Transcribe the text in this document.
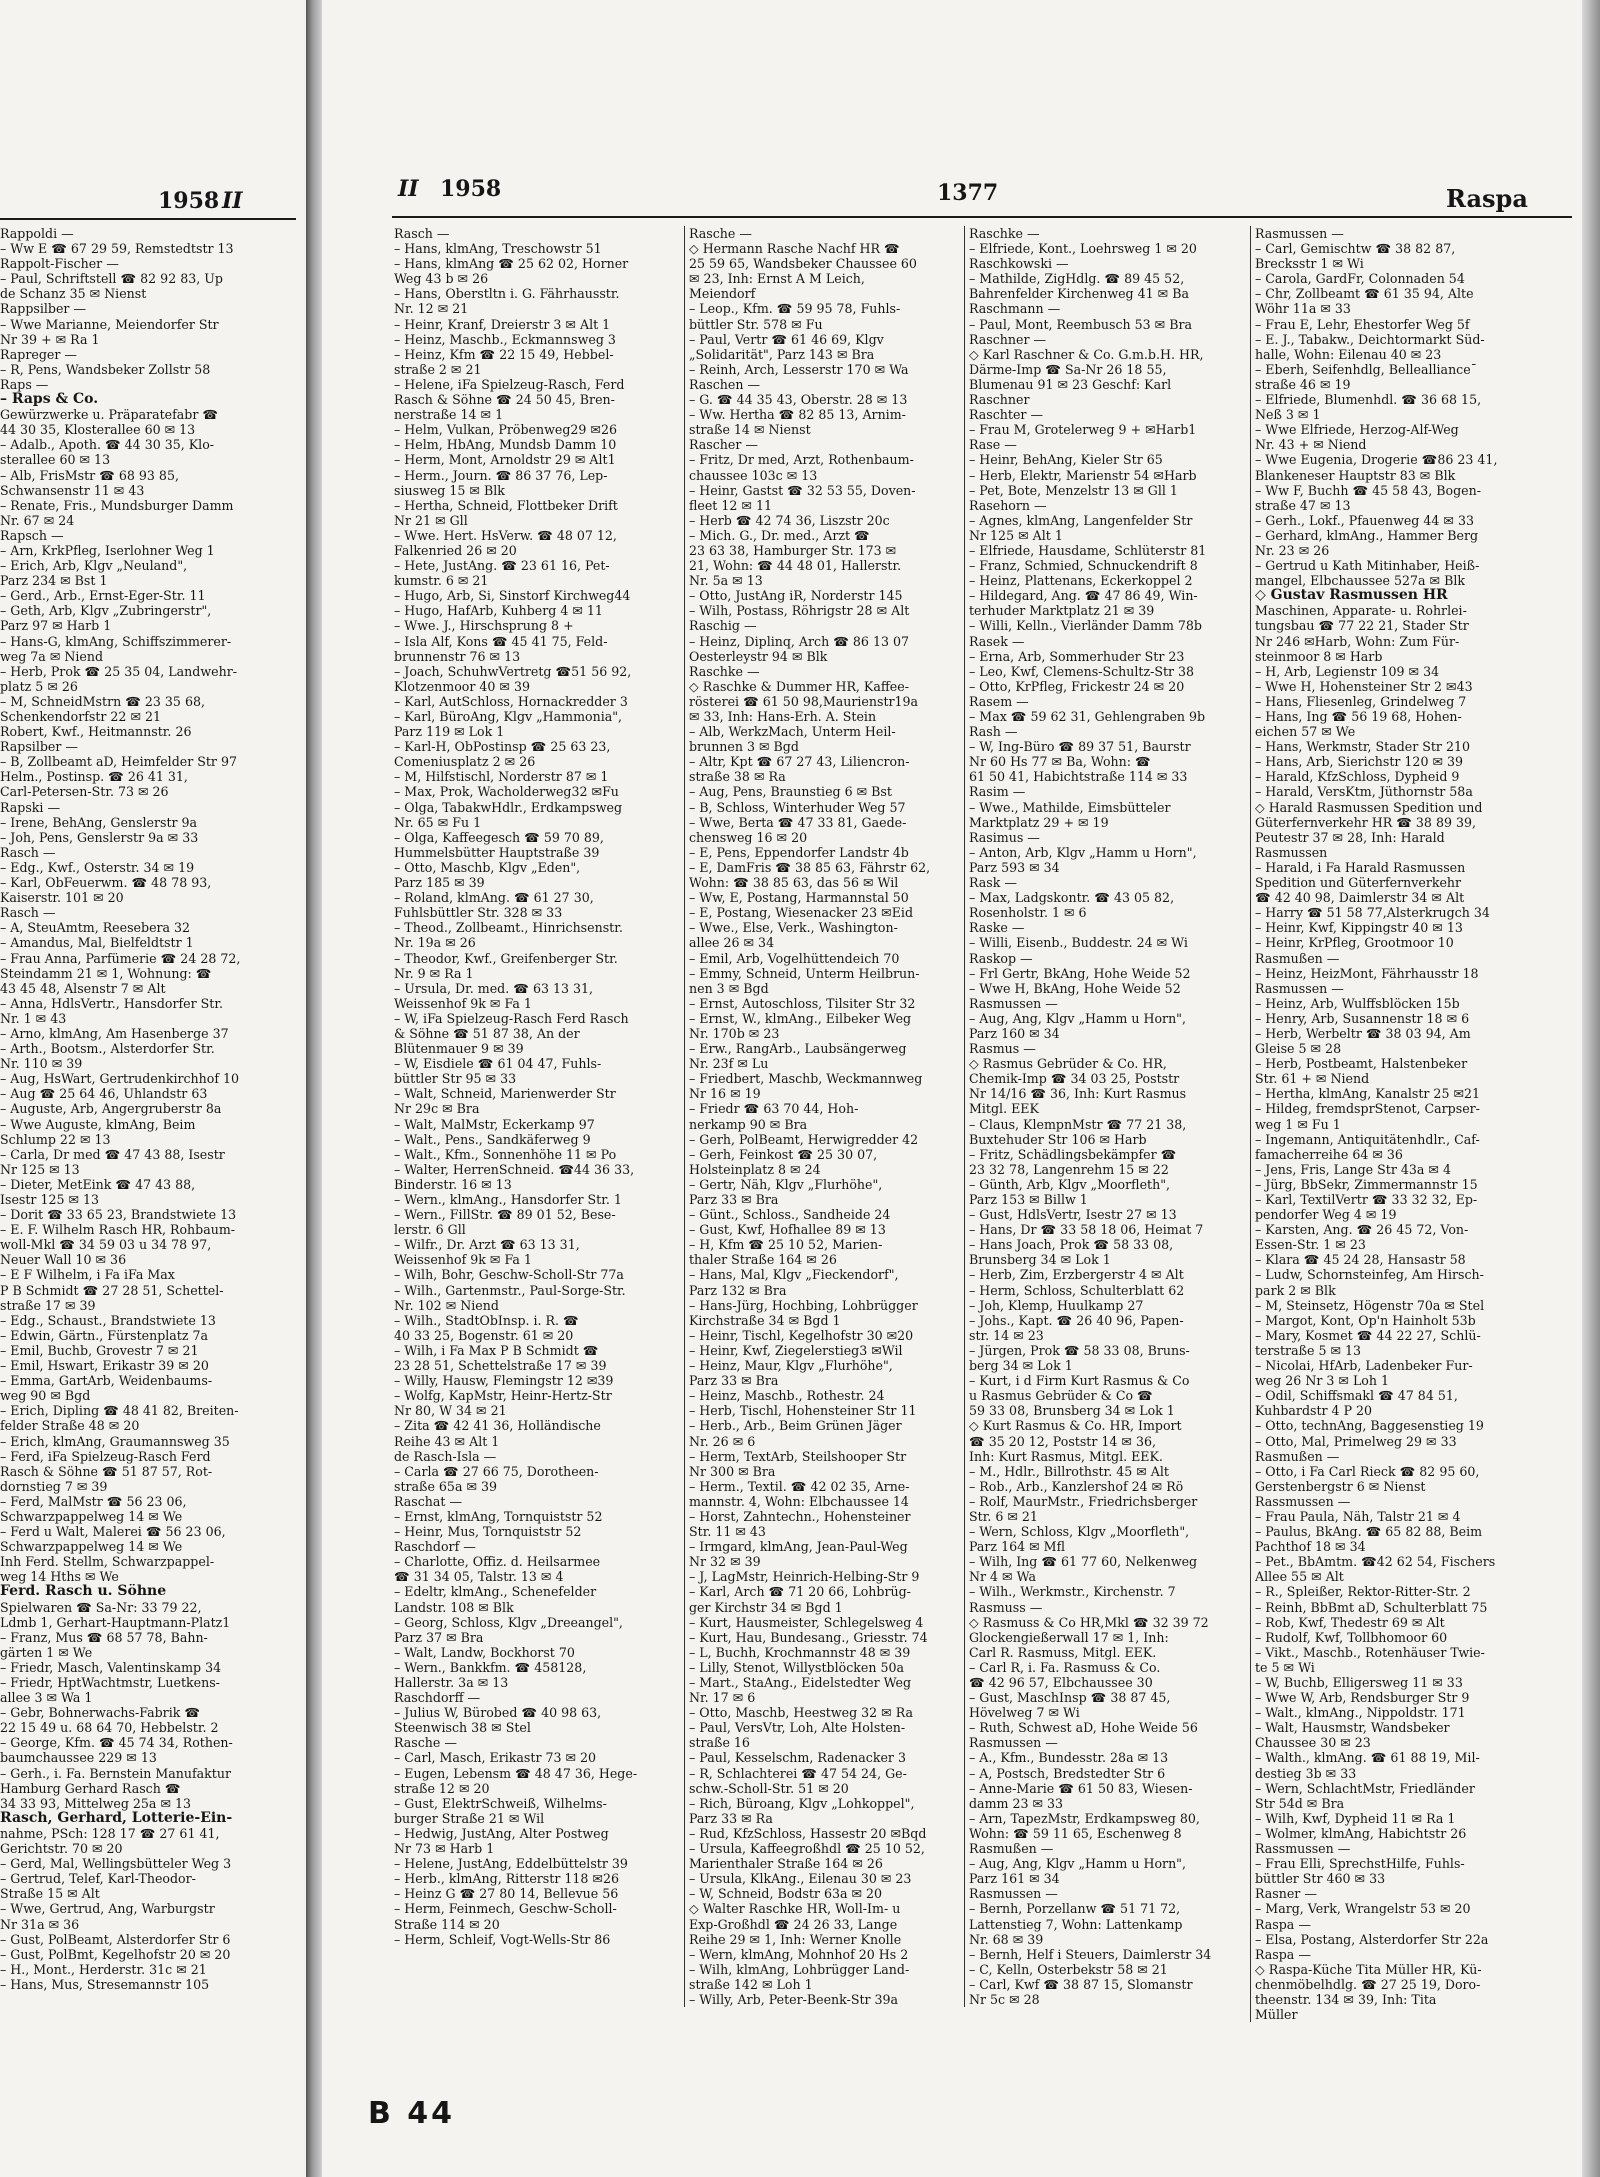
1958 II
Rappoldi —
– Ww E ☎ 67 29 59, Remstedtstr 13
Rappolt-Fischer —
– Paul, Schriftstell ☎ 82 92 83, Up
de Schanz 35 ✉ Nienst
Rappsilber —
– Wwe Marianne, Meiendorfer Str
Nr 39 + ✉ Ra 1
Rapreger —
– R, Pens, Wandsbeker Zollstr 58
Raps —
– Raps & Co.
Gewürzwerke u. Präparatefabr ☎
44 30 35, Klosterallee 60 ✉ 13
– Adalb., Apoth. ☎ 44 30 35, Klo-
sterallee 60 ✉ 13
– Alb, FrisMstr ☎ 68 93 85,
Schwansenstr 11 ✉ 43
– Renate, Fris., Mundsburger Damm
Nr. 67 ✉ 24
Rapsch —
– Arn, KrkPfleg, Iserlohner Weg 1
– Erich, Arb, Klgv „Neuland",
Parz 234 ✉ Bst 1
– Gerd., Arb., Ernst-Eger-Str. 11
– Geth, Arb, Klgv „Zubringerstr",
Parz 97 ✉ Harb 1
– Hans-G, klmAng, Schiffszimmerer-
weg 7a ✉ Niend
– Herb, Prok ☎ 25 35 04, Landwehr-
platz 5 ✉ 26
– M, SchneidMstrn ☎ 23 35 68,
Schenkendorfstr 22 ✉ 21
Robert, Kwf., Heitmannstr. 26
Rapsilber —
– B, Zollbeamt aD, Heimfelder Str 97
Helm., Postinsp. ☎ 26 41 31,
Carl-Petersen-Str. 73 ✉ 26
Rapski —
– Irene, BehAng, Genslerstr 9a
– Joh, Pens, Genslerstr 9a ✉ 33
Rasch —
– Edg., Kwf., Osterstr. 34 ✉ 19
– Karl, ObFeuerwm. ☎ 48 78 93,
Kaiserstr. 101 ✉ 20
Rasch —
– A, SteuAmtm, Reesebera 32
– Amandus, Mal, Bielfeldtstr 1
– Frau Anna, Parfümerie ☎ 24 28 72,
Steindamm 21 ✉ 1, Wohnung: ☎
43 45 48, Alsenstr 7 ✉ Alt
– Anna, HdlsVertr., Hansdorfer Str.
Nr. 1 ✉ 43
– Arno, klmAng, Am Hasenberge 37
– Arth., Bootsm., Alsterdorfer Str.
Nr. 110 ✉ 39
– Aug, HsWart, Gertrudenkirchhof 10
– Aug ☎ 25 64 46, Uhlandstr 63
– Auguste, Arb, Angergruberstr 8a
– Wwe Auguste, klmAng, Beim
Schlump 22 ✉ 13
– Carla, Dr med ☎ 47 43 88, Isestr
Nr 125 ✉ 13
– Dieter, MetEink ☎ 47 43 88,
Isestr 125 ✉ 13
– Dorit ☎ 33 65 23, Brandstwiete 13
– E. F. Wilhelm Rasch HR, Rohbaum-
woll-Mkl ☎ 34 59 03 u 34 78 97,
Neuer Wall 10 ✉ 36
– E F Wilhelm, i Fa iFa Max
P B Schmidt ☎ 27 28 51, Schettel-
straße 17 ✉ 39
– Edg., Schaust., Brandstwiete 13
– Edwin, Gärtn., Fürstenplatz 7a
– Emil, Buchb, Grovestr 7 ✉ 21
– Emil, Hswart, Erikastr 39 ✉ 20
– Emma, GartArb, Weidenbaums-
weg 90 ✉ Bgd
– Erich, Dipling ☎ 48 41 82, Breiten-
felder Straße 48 ✉ 20
– Erich, klmAng, Graumannsweg 35
– Ferd, iFa Spielzeug-Rasch Ferd
Rasch & Söhne ☎ 51 87 57, Rot-
dornstieg 7 ✉ 39
– Ferd, MalMstr ☎ 56 23 06,
Schwarzpappelweg 14 ✉ We
– Ferd u Walt, Malerei ☎ 56 23 06,
Schwarzpappelweg 14 ✉ We
Inh Ferd. Stellm, Schwarzpappel-
weg 14 Hths ✉ We
Ferd. Rasch u. Söhne
Spielwaren ☎ Sa-Nr: 33 79 22,
Ldmb 1, Gerhart-Hauptmann-Platz1
– Franz, Mus ☎ 68 57 78, Bahn-
gärten 1 ✉ We
– Friedr, Masch, Valentinskamp 34
– Friedr, HptWachtmstr, Luetkens-
allee 3 ✉ Wa 1
– Gebr, Bohnerwachs-Fabrik ☎
22 15 49 u. 68 64 70, Hebbelstr. 2
– George, Kfm. ☎ 45 74 34, Rothen-
baumchaussee 229 ✉ 13
– Gerh., i. Fa. Bernstein Manufaktur
Hamburg Gerhard Rasch ☎
34 33 93, Mittelweg 25a ✉ 13
Rasch, Gerhard, Lotterie-Ein-
nahme, PSch: 128 17 ☎ 27 61 41,
Gerichtstr. 70 ✉ 20
– Gerd, Mal, Wellingsbütteler Weg 3
– Gertrud, Telef, Karl-Theodor-
Straße 15 ✉ Alt
– Wwe, Gertrud, Ang, Warburgstr
Nr 31a ✉ 36
– Gust, PolBeamt, Alsterdorfer Str 6
– Gust, PolBmt, Kegelhofstr 20 ✉ 20
– H., Mont., Herderstr. 31c ✉ 21
– Hans, Mus, Stresemannstr 105
II 1958	1377	Raspa
Rasch —
– Hans, klmAng, Treschowstr 51
– Hans, klmAng ☎ 25 62 02, Horner
Weg 43 b ✉ 26
– Hans, Oberstltn i. G. Fährhausstr.
Nr. 12 ✉ 21
– Heinr, Kranf, Dreierstr 3 ✉ Alt 1
– Heinz, Maschb., Eckmannsweg 3
– Heinz, Kfm ☎ 22 15 49, Hebbel-
straße 2 ✉ 21
– Helene, iFa Spielzeug-Rasch, Ferd
Rasch & Söhne ☎ 24 50 45, Bren-
nerstraße 14 ✉ 1
– Helm, Vulkan, Pröbenweg29 ✉26
– Helm, HbAng, Mundsb Damm 10
– Herm, Mont, Arnoldstr 29 ✉ Alt1
– Herm., Journ. ☎ 86 37 76, Lep-
siusweg 15 ✉ Blk
– Hertha, Schneid, Flottbeker Drift
Nr 21 ✉ Gll
– Wwe. Hert. HsVerw. ☎ 48 07 12,
Falkenried 26 ✉ 20
– Hete, JustAng. ☎ 23 61 16, Pet-
kumstr. 6 ✉ 21
– Hugo, Arb, Si, Sinstorf Kirchweg44
– Hugo, HafArb, Kuhberg 4 ✉ 11
– Wwe. J., Hirschsprung 8 +
– Isla Alf, Kons ☎ 45 41 75, Feld-
brunnenstr 76 ✉ 13
– Joach, SchuhwVertretg ☎51 56 92,
Klotzenmoor 40 ✉ 39
– Karl, AutSchloss, Hornackredder 3
– Karl, BüroAng, Klgv „Hammonia",
Parz 119 ✉ Lok 1
– Karl-H, ObPostinsp ☎ 25 63 23,
Comeniusplatz 2 ✉ 26
– M, Hilfstischl, Norderstr 87 ✉ 1
– Max, Prok, Wacholderweg32 ✉Fu
– Olga, TabakwHdlr., Erdkampsweg
Nr. 65 ✉ Fu 1
– Olga, Kaffeegesch ☎ 59 70 89,
Hummelsbütter Hauptstraße 39
– Otto, Maschb, Klgv „Eden",
Parz 185 ✉ 39
– Roland, klmAng. ☎ 61 27 30,
Fuhlsbüttler Str. 328 ✉ 33
– Theod., Zollbeamt., Hinrichsenstr.
Nr. 19a ✉ 26
– Theodor, Kwf., Greifenberger Str.
Nr. 9 ✉ Ra 1
– Ursula, Dr. med. ☎ 63 13 31,
Weissenhof 9k ✉ Fa 1
– W, iFa Spielzeug-Rasch Ferd Rasch
& Söhne ☎ 51 87 38, An der
Blütenmauer 9 ✉ 39
– W, Eisdiele ☎ 61 04 47, Fuhls-
büttler Str 95 ✉ 33
– Walt, Schneid, Marienwerder Str
Nr 29c ✉ Bra
– Walt, MalMstr, Eckerkamp 97
– Walt., Pens., Sandkäferweg 9
– Walt., Kfm., Sonnenhöhe 11 ✉ Po
– Walter, HerrenSchneid. ☎44 36 33,
Binderstr. 16 ✉ 13
– Wern., klmAng., Hansdorfer Str. 1
– Wern., FillStr. ☎ 89 01 52, Bese-
lerstr. 6 Gll
– Wilfr., Dr. Arzt ☎ 63 13 31,
Weissenhof 9k ✉ Fa 1
– Wilh, Bohr, Geschw-Scholl-Str 77a
– Wilh., Gartenmstr., Paul-Sorge-Str.
Nr. 102 ✉ Niend
– Wilh., StadtObInsp. i. R. ☎
40 33 25, Bogenstr. 61 ✉ 20
– Wilh, i Fa Max P B Schmidt ☎
23 28 51, Schettelstraße 17 ✉ 39
– Willy, Hausw, Flemingstr 12 ✉39
– Wolfg, KapMstr, Heinr-Hertz-Str
Nr 80, W 34 ✉ 21
– Zita ☎ 42 41 36, Holländische
Reihe 43 ✉ Alt 1
de Rasch-Isla —
– Carla ☎ 27 66 75, Dorotheen-
straße 65a ✉ 39
Raschat —
– Ernst, klmAng, Tornquiststr 52
– Heinr, Mus, Tornquiststr 52
Raschdorf —
– Charlotte, Offiz. d. Heilsarmee
☎ 31 34 05, Talstr. 13 ✉ 4
– Edeltr, klmAng., Schenefelder
Landstr. 108 ✉ Blk
– Georg, Schloss, Klgv „Dreeangel",
Parz 37 ✉ Bra
– Walt, Landw, Bockhorst 70
– Wern., Bankkfm. ☎ 458128,
Hallerstr. 3a ✉ 13
Raschdorff —
– Julius W, Bürobed ☎ 40 98 63,
Steenwisch 38 ✉ Stel
Rasche —
– Carl, Masch, Erikastr 73 ✉ 20
– Eugen, Lebensm ☎ 48 47 36, Hege-
straße 12 ✉ 20
– Gust, ElektrSchweiß, Wilhelms-
burger Straße 21 ✉ Wil
– Hedwig, JustAng, Alter Postweg
Nr 73 ✉ Harb 1
– Helene, JustAng, Eddelbüttelstr 39
– Herb., klmAng, Ritterstr 118 ✉26
– Heinz G ☎ 27 80 14, Bellevue 56
– Herm, Feinmech, Geschw-Scholl-
Straße 114 ✉ 20
– Herm, Schleif, Vogt-Wells-Str 86
Rasche —
◇ Hermann Rasche Nachf HR ☎
25 59 65, Wandsbeker Chaussee 60
✉ 23, Inh: Ernst A M Leich,
Meiendorf
– Leop., Kfm. ☎ 59 95 78, Fuhls-
büttler Str. 578 ✉ Fu
– Paul, Vertr ☎ 61 46 69, Klgv
„Solidarität", Parz 143 ✉ Bra
– Reinh, Arch, Lesserstr 170 ✉ Wa
Raschen —
– G. ☎ 44 35 43, Oberstr. 28 ✉ 13
– Ww. Hertha ☎ 82 85 13, Arnim-
straße 14 ✉ Nienst
Rascher —
– Fritz, Dr med, Arzt, Rothenbaum-
chaussee 103c ✉ 13
– Heinr, Gastst ☎ 32 53 55, Doven-
fleet 12 ✉ 11
– Herb ☎ 42 74 36, Liszstr 20c
– Mich. G., Dr. med., Arzt ☎
23 63 38, Hamburger Str. 173 ✉
21, Wohn: ☎ 44 48 01, Hallerstr.
Nr. 5a ✉ 13
– Otto, JustAng iR, Norderstr 145
– Wilh, Postass, Röhrigstr 28 ✉ Alt
Raschig —
– Heinz, Diplinq, Arch ☎ 86 13 07
Oesterleystr 94 ✉ Blk
Raschke —
◇ Raschke & Dummer HR, Kaffee-
rösterei ☎ 61 50 98,Maurienstr19a
✉ 33, Inh: Hans-Erh. A. Stein
– Alb, WerkzMach, Unterm Heil-
brunnen 3 ✉ Bgd
– Altr, Kpt ☎ 67 27 43, Liliencron-
straße 38 ✉ Ra
– Aug, Pens, Braunstieg 6 ✉ Bst
– B, Schloss, Winterhuder Weg 57
– Wwe, Berta ☎ 47 33 81, Gaede-
chensweg 16 ✉ 20
– E, Pens, Eppendorfer Landstr 4b
– E, DamFris ☎ 38 85 63, Fährstr 62,
Wohn: ☎ 38 85 63, das 56 ✉ Wil
– Ww, E, Postang, Harmannstal 50
– E, Postang, Wiesenacker 23 ✉Eid
– Wwe., Else, Verk., Washington-
allee 26 ✉ 34
– Emil, Arb, Vogelhüttendeich 70
– Emmy, Schneid, Unterm Heilbrun-
nen 3 ✉ Bgd
– Ernst, Autoschloss, Tilsiter Str 32
– Ernst, W., klmAng., Eilbeker Weg
Nr. 170b ✉ 23
– Erw., RangArb., Laubsängerweg
Nr. 23f ✉ Lu
– Friedbert, Maschb, Weckmannweg
Nr 16 ✉ 19
– Friedr ☎ 63 70 44, Hoh-
nerkamp 90 ✉ Bra
– Gerh, PolBeamt, Herwigredder 42
– Gerh, Feinkost ☎ 25 30 07,
Holsteinplatz 8 ✉ 24
– Gertr, Näh, Klgv „Flurhöhe",
Parz 33 ✉ Bra
– Günt., Schloss., Sandheide 24
– Gust, Kwf, Hofhallee 89 ✉ 13
– H, Kfm ☎ 25 10 52, Marien-
thaler Straße 164 ✉ 26
– Hans, Mal, Klgv „Fieckendorf",
Parz 132 ✉ Bra
– Hans-Jürg, Hochbing, Lohbrügger
Kirchstraße 34 ✉ Bgd 1
– Heinr, Tischl, Kegelhofstr 30 ✉20
– Heinr, Kwf, Ziegelerstieg3 ✉Wil
– Heinz, Maur, Klgv „Flurhöhe",
Parz 33 ✉ Bra
– Heinz, Maschb., Rothestr. 24
– Herb, Tischl, Hohensteiner Str 11
– Herb., Arb., Beim Grünen Jäger
Nr. 26 ✉ 6
– Herm, TextArb, Steilshooper Str
Nr 300 ✉ Bra
– Herm., Textil. ☎ 42 02 35, Arne-
mannstr. 4, Wohn: Elbchaussee 14
– Horst, Zahntechn., Hohensteiner
Str. 11 ✉ 43
– Irmgard, klmAng, Jean-Paul-Weg
Nr 32 ✉ 39
– J, LagMstr, Heinrich-Helbing-Str 9
– Karl, Arch ☎ 71 20 66, Lohbrüg-
ger Kirchstr 34 ✉ Bgd 1
– Kurt, Hausmeister, Schlegelsweg 4
– Kurt, Hau, Bundesang., Griesstr. 74
– L, Buchh, Krochmannstr 48 ✉ 39
– Lilly, Stenot, Willystblöcken 50a
– Mart., StaAng., Eidelstedter Weg
Nr. 17 ✉ 6
– Otto, Maschb, Heestweg 32 ✉ Ra
– Paul, VersVtr, Loh, Alte Holsten-
straße 16
– Paul, Kesselschm, Radenacker 3
– R, Schlachterei ☎ 47 54 24, Ge-
schw.-Scholl-Str. 51 ✉ 20
– Rich, Büroang, Klgv „Lohkoppel",
Parz 33 ✉ Ra
– Rud, KfzSchloss, Hassestr 20 ✉Bqd
– Ursula, Kaffeegroßhdl ☎ 25 10 52,
Marienthaler Straße 164 ✉ 26
– Ursula, KlkAng., Eilenau 30 ✉ 23
– W, Schneid, Bodstr 63a ✉ 20
◇ Walter Raschke HR, Woll-Im- u
Exp-Großhdl ☎ 24 26 33, Lange
Reihe 29 ✉ 1, Inh: Werner Knolle
– Wern, klmAng, Mohnhof 20 Hs 2
– Wilh, klmAng, Lohbrügger Land-
straße 142 ✉ Loh 1
– Willy, Arb, Peter-Beenk-Str 39a
Raschke —
– Elfriede, Kont., Loehrsweg 1 ✉ 20
Raschkowski —
– Mathilde, ZigHdlg. ☎ 89 45 52,
Bahrenfelder Kirchenweg 41 ✉ Ba
Raschmann —
– Paul, Mont, Reembusch 53 ✉ Bra
Raschner —
◇ Karl Raschner & Co. G.m.b.H. HR,
Därme-Imp ☎ Sa-Nr 26 18 55,
Blumenau 91 ✉ 23 Geschf: Karl
Raschner
Raschter —
– Frau M, Grotelerweg 9 + ✉Harb1
Rase —
– Heinr, BehAng, Kieler Str 65
– Herb, Elektr, Marienstr 54 ✉Harb
– Pet, Bote, Menzelstr 13 ✉ Gll 1
Rasehorn —
– Agnes, klmAng, Langenfelder Str
Nr 125 ✉ Alt 1
– Elfriede, Hausdame, Schlüterstr 81
– Franz, Schmied, Schnuckendrift 8
– Heinz, Plattenans, Eckerkoppel 2
– Hildegard, Ang. ☎ 47 86 49, Win-
terhuder Marktplatz 21 ✉ 39
– Willi, Kelln., Vierländer Damm 78b
Rasek —
– Erna, Arb, Sommerhuder Str 23
– Leo, Kwf, Clemens-Schultz-Str 38
– Otto, KrPfleg, Frickestr 24 ✉ 20
Rasem —
– Max ☎ 59 62 31, Gehlengraben 9b
Rash —
– W, Ing-Büro ☎ 89 37 51, Baurstr
Nr 60 Hs 77 ✉ Ba, Wohn: ☎
61 50 41, Habichtstraße 114 ✉ 33
Rasim —
– Wwe., Mathilde, Eimsbütteler
Marktplatz 29 + ✉ 19
Rasimus —
– Anton, Arb, Klgv „Hamm u Horn",
Parz 593 ✉ 34
Rask —
– Max, Ladgskontr. ☎ 43 05 82,
Rosenholstr. 1 ✉ 6
Raske —
– Willi, Eisenb., Buddestr. 24 ✉ Wi
Raskop —
– Frl Gertr, BkAng, Hohe Weide 52
– Wwe H, BkAng, Hohe Weide 52
Rasmussen —
– Aug, Ang, Klgv „Hamm u Horn",
Parz 160 ✉ 34
Rasmus —
◇ Rasmus Gebrüder & Co. HR,
Chemik-Imp ☎ 34 03 25, Poststr
Nr 14/16 ☎ 36, Inh: Kurt Rasmus
Mitgl. EEK
– Claus, KlempnMstr ☎ 77 21 38,
Buxtehuder Str 106 ✉ Harb
– Fritz, Schädlingsbekämpfer ☎
23 32 78, Langenrehm 15 ✉ 22
– Günth, Arb, Klgv „Moorfleth",
Parz 153 ✉ Billw 1
– Gust, HdlsVertr, Isestr 27 ✉ 13
– Hans, Dr ☎ 33 58 18 06, Heimat 7
– Hans Joach, Prok ☎ 58 33 08,
Brunsberg 34 ✉ Lok 1
– Herb, Zim, Erzbergerstr 4 ✉ Alt
– Herm, Schloss, Schulterblatt 62
– Joh, Klemp, Huulkamp 27
– Johs., Kapt. ☎ 26 40 96, Papen-
str. 14 ✉ 23
– Jürgen, Prok ☎ 58 33 08, Bruns-
berg 34 ✉ Lok 1
– Kurt, i d Firm Kurt Rasmus & Co
u Rasmus Gebrüder & Co ☎
59 33 08, Brunsberg 34 ✉ Lok 1
◇ Kurt Rasmus & Co. HR, Import
☎ 35 20 12, Poststr 14 ✉ 36,
Inh: Kurt Rasmus, Mitgl. EEK.
– M., Hdlr., Billrothstr. 45 ✉ Alt
– Rob., Arb., Kanzlershof 24 ✉ Rö
– Rolf, MaurMstr., Friedrichsberger
Str. 6 ✉ 21
– Wern, Schloss, Klgv „Moorfleth",
Parz 164 ✉ Mfl
– Wilh, Ing ☎ 61 77 60, Nelkenweg
Nr 4 ✉ Wa
– Wilh., Werkmstr., Kirchenstr. 7
Rasmuss —
◇ Rasmuss & Co HR,Mkl ☎ 32 39 72
Glockengießerwall 17 ✉ 1, Inh:
Carl R. Rasmuss, Mitgl. EEK.
– Carl R, i. Fa. Rasmuss & Co.
☎ 42 96 57, Elbchaussee 30
– Gust, MaschInsp ☎ 38 87 45,
Hövelweg 7 ✉ Wi
– Ruth, Schwest aD, Hohe Weide 56
Rasmussen —
– A., Kfm., Bundesstr. 28a ✉ 13
– A, Postsch, Bredstedter Str 6
– Anne-Marie ☎ 61 50 83, Wiesen-
damm 23 ✉ 33
– Arn, TapezMstr, Erdkampsweg 80,
Wohn: ☎ 59 11 65, Eschenweg 8
Rasmußen —
– Aug, Ang, Klgv „Hamm u Horn",
Parz 161 ✉ 34
Rasmussen —
– Bernh, Porzellanw ☎ 51 71 72,
Lattenstieg 7, Wohn: Lattenkamp
Nr. 68 ✉ 39
– Bernh, Helf i Steuers, Daimlerstr 34
– C, Kelln, Osterbekstr 58 ✉ 21
– Carl, Kwf ☎ 38 87 15, Slomanstr
Nr 5c ✉ 28
Rasmussen —
– Carl, Gemischtw ☎ 38 82 87,
Brecksstr 1 ✉ Wi
– Carola, GardFr, Colonnaden 54
– Chr, Zollbeamt ☎ 61 35 94, Alte
Wöhr 11a ✉ 33
– Frau E, Lehr, Ehestorfer Weg 5f
– E. J., Tabakw., Deichtormarkt Süd-
halle, Wohn: Eilenau 40 ✉ 23
– Eberh, Seifenhdlg, Belleallianceˉ
straße 46 ✉ 19
– Elfriede, Blumenhdl. ☎ 36 68 15,
Neß 3 ✉ 1
– Wwe Elfriede, Herzog-Alf-Weg
Nr. 43 + ✉ Niend
– Wwe Eugenia, Drogerie ☎86 23 41,
Blankeneser Hauptstr 83 ✉ Blk
– Ww F, Buchh ☎ 45 58 43, Bogen-
straße 47 ✉ 13
– Gerh., Lokf., Pfauenweg 44 ✉ 33
– Gerhard, klmAng., Hammer Berg
Nr. 23 ✉ 26
– Gertrud u Kath Mitinhaber, Heiß-
mangel, Elbchaussee 527a ✉ Blk
◇ Gustav Rasmussen HR
Maschinen, Apparate- u. Rohrlei-
tungsbau ☎ 77 22 21, Stader Str
Nr 246 ✉Harb, Wohn: Zum Für-
steinmoor 8 ✉ Harb
– H, Arb, Legienstr 109 ✉ 34
– Wwe H, Hohensteiner Str 2 ✉43
– Hans, Fliesenleg, Grindelweg 7
– Hans, Ing ☎ 56 19 68, Hohen-
eichen 57 ✉ We
– Hans, Werkmstr, Stader Str 210
– Hans, Arb, Sierichstr 120 ✉ 39
– Harald, KfzSchloss, Dypheid 9
– Harald, VersKtm, Jüthornstr 58a
◇ Harald Rasmussen Spedition und
Güterfernverkehr HR ☎ 38 89 39,
Peutestr 37 ✉ 28, Inh: Harald
Rasmussen
– Harald, i Fa Harald Rasmussen
Spedition und Güterfernverkehr
☎ 42 40 98, Daimlerstr 34 ✉ Alt
– Harry ☎ 51 58 77,Alsterkrugch 34
– Heinr, Kwf, Kippingstr 40 ✉ 13
– Heinr, KrPfleg, Grootmoor 10
Rasmußen —
– Heinz, HeizMont, Fährhausstr 18
Rasmussen —
– Heinz, Arb, Wulffsblöcken 15b
– Henry, Arb, Susannenstr 18 ✉ 6
– Herb, Werbeltr ☎ 38 03 94, Am
Gleise 5 ✉ 28
– Herb, Postbeamt, Halstenbeker
Str. 61 + ✉ Niend
– Hertha, klmAng, Kanalstr 25 ✉21
– Hildeg, fremdsprStenot, Carpser-
weg 1 ✉ Fu 1
– Ingemann, Antiquitätenhdlr., Caf-
famacherreihe 64 ✉ 36
– Jens, Fris, Lange Str 43a ✉ 4
– Jürg, BbSekr, Zimmermannstr 15
– Karl, TextilVertr ☎ 33 32 32, Ep-
pendorfer Weg 4 ✉ 19
– Karsten, Ang. ☎ 26 45 72, Von-
Essen-Str. 1 ✉ 23
– Klara ☎ 45 24 28, Hansastr 58
– Ludw, Schornsteinfeg, Am Hirsch-
park 2 ✉ Blk
– M, Steinsetz, Högenstr 70a ✉ Stel
– Margot, Kont, Op'n Hainholt 53b
– Mary, Kosmet ☎ 44 22 27, Schlü-
terstraße 5 ✉ 13
– Nicolai, HfArb, Ladenbeker Fur-
weg 26 Nr 3 ✉ Loh 1
– Odil, Schiffsmakl ☎ 47 84 51,
Kuhbardstr 4 P 20
– Otto, technAng, Baggesenstieg 19
– Otto, Mal, Primelweg 29 ✉ 33
Rasmußen —
– Otto, i Fa Carl Rieck ☎ 82 95 60,
Gerstenbergstr 6 ✉ Nienst
Rassmussen —
– Frau Paula, Näh, Talstr 21 ✉ 4
– Paulus, BkAng. ☎ 65 82 88, Beim
Pachthof 18 ✉ 34
– Pet., BbAmtm. ☎42 62 54, Fischers
Allee 55 ✉ Alt
– R., Spleißer, Rektor-Ritter-Str. 2
– Reinh, BbBmt aD, Schulterblatt 75
– Rob, Kwf, Thedestr 69 ✉ Alt
– Rudolf, Kwf, Tollbhomoor 60
– Vikt., Maschb., Rotenhäuser Twie-
te 5 ✉ Wi
– W, Buchb, Elligersweg 11 ✉ 33
– Wwe W, Arb, Rendsburger Str 9
– Walt., klmAng., Nippoldstr. 171
– Walt, Hausmstr, Wandsbeker
Chaussee 30 ✉ 23
– Walth., klmAng. ☎ 61 88 19, Mil-
destieg 3b ✉ 33
– Wern, SchlachtMstr, Friedländer
Str 54d ✉ Bra
– Wilh, Kwf, Dypheid 11 ✉ Ra 1
– Wolmer, klmAng, Habichtstr 26
Rassmussen —
– Frau Elli, SprechstHilfe, Fuhls-
büttler Str 460 ✉ 33
Rasner —
– Marg, Verk, Wrangelstr 53 ✉ 20
Raspa —
– Elsa, Postang, Alsterdorfer Str 22a
Raspa —
◇ Raspa-Küche Tita Müller HR, Kü-
chenmöbelhdlg. ☎ 27 25 19, Doro-
theenstr. 134 ✉ 39, Inh: Tita
Müller
B 44
